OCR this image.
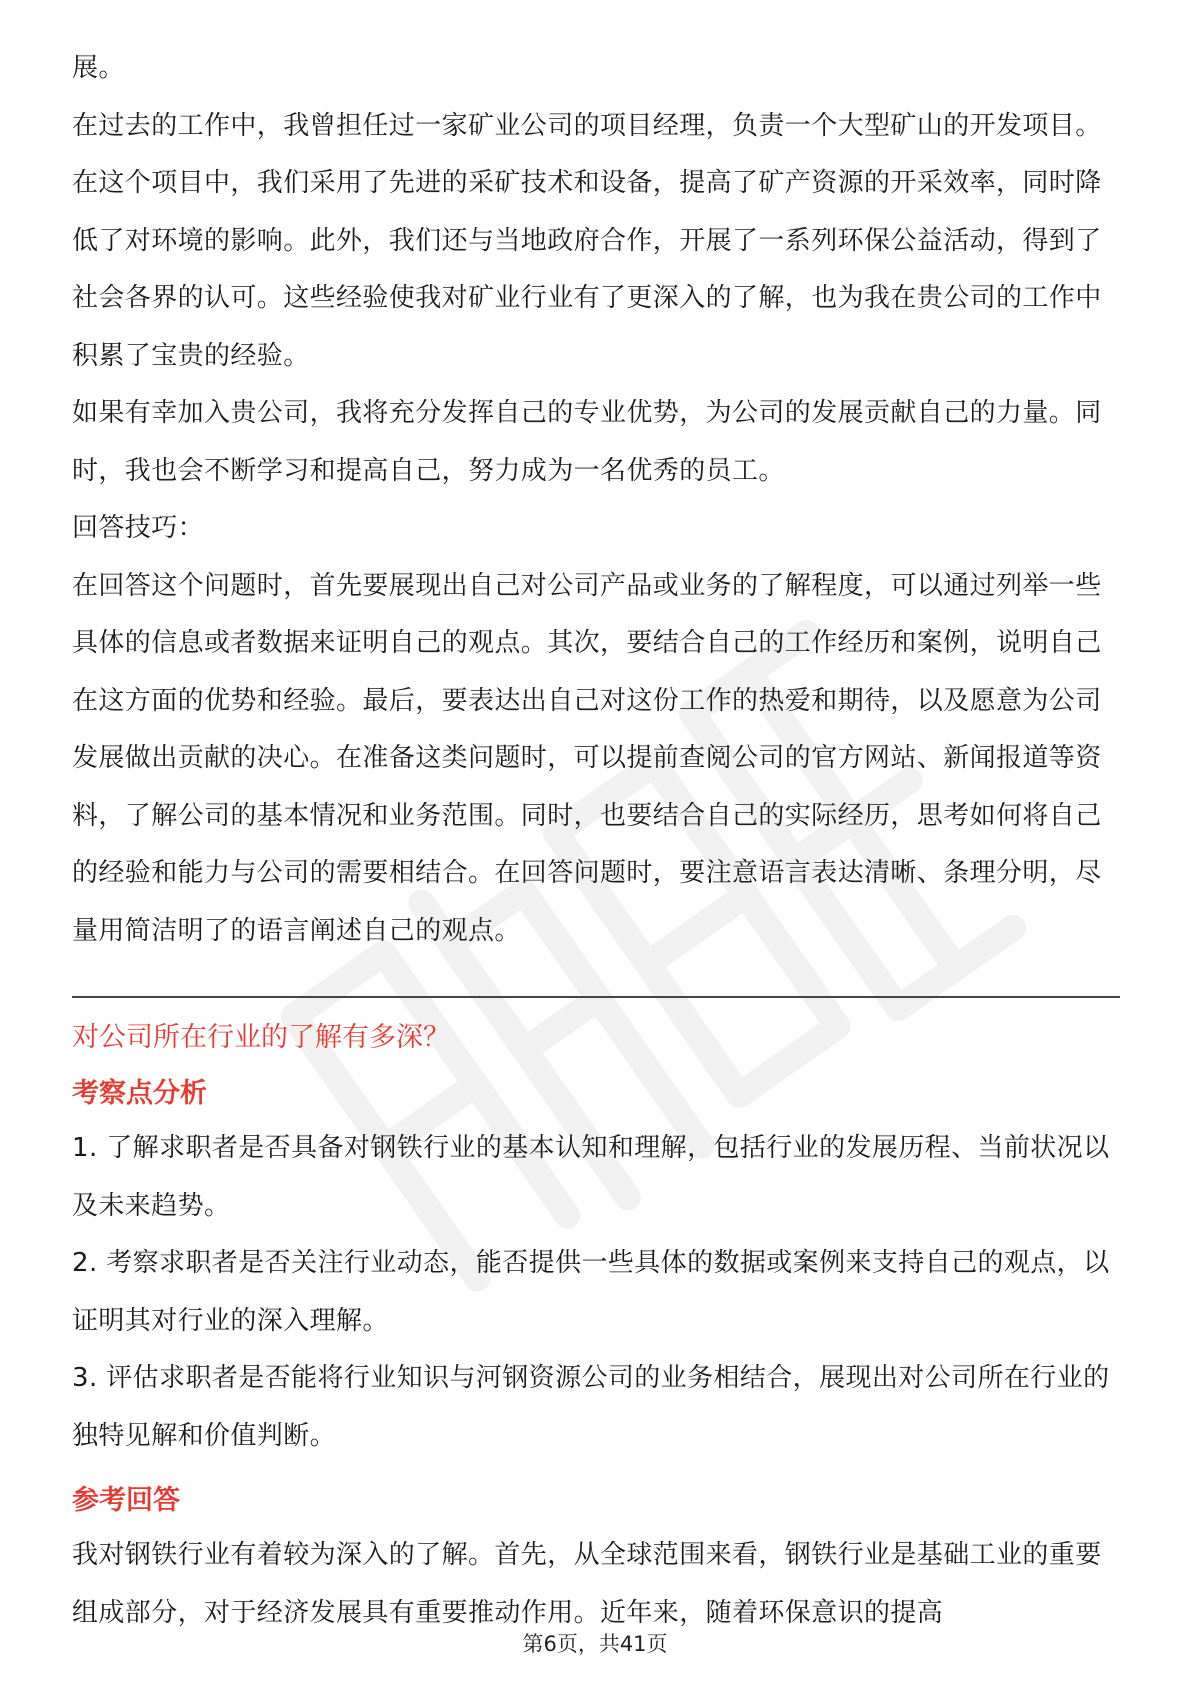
展。

在过去的工作中，我曾担任过一家矿业公司的项目经理，负责一个大型矿山的开发项目。在这个项目中，我们采用了先进的采矿技术和设备，提高了矿产资源的开采效率，同时降低了对环境的影响。此外，我们还与当地政府合作，开展了一系列环保公益活动，得到了社会各界的认可。这些经验使我对矿业行业有了更深入的了解，也为我在贵公司的工作中积累了宝贵的经验。

如果有幸加入贵公司，我将充分发挥自己的专业优势，为公司的发展贡献自己的力量。同时，我也会不断学习和提高自己，努力成为一名优秀的员工。

回答技巧：

在回答这个问题时，首先要展现出自己对公司产品或业务的了解程度，可以通过列举一些具体的信息或者数据来证明自己的观点。其次，要结合自己的工作经历和案例，说明自己在这方面的优势和经验。最后，要表达出自己对这份工作的热爱和期待，以及愿意为公司发展做出贡献的决心。在准备这类问题时，可以提前查阅公司的官方网站、新闻报道等资料，了解公司的基本情况和业务范围。同时，也要结合自己的实际经历，思考如何将自己的经验和能力与公司的需要相结合。在回答问题时，要注意语言表达清晰、条理分明，尽量用简洁明了的语言阐述自己的观点。

对公司所在行业的了解有多深？

考察点分析

1. 了解求职者是否具备对钢铁行业的基本认知和理解，包括行业的发展历程、当前状况以及未来趋势。

2. 考察求职者是否关注行业动态，能否提供一些具体的数据或案例来支持自己的观点，以证明其对行业的深入理解。

3. 评估求职者是否能将行业知识与河钢资源公司的业务相结合，展现出对公司所在行业的独特见解和价值判断。

参考回答

我对钢铁行业有着较为深入的了解。首先，从全球范围来看，钢铁行业是基础工业的重要组成部分，对于经济发展具有重要推动作用。近年来，随着环保意识的提高

第6页，共41页
